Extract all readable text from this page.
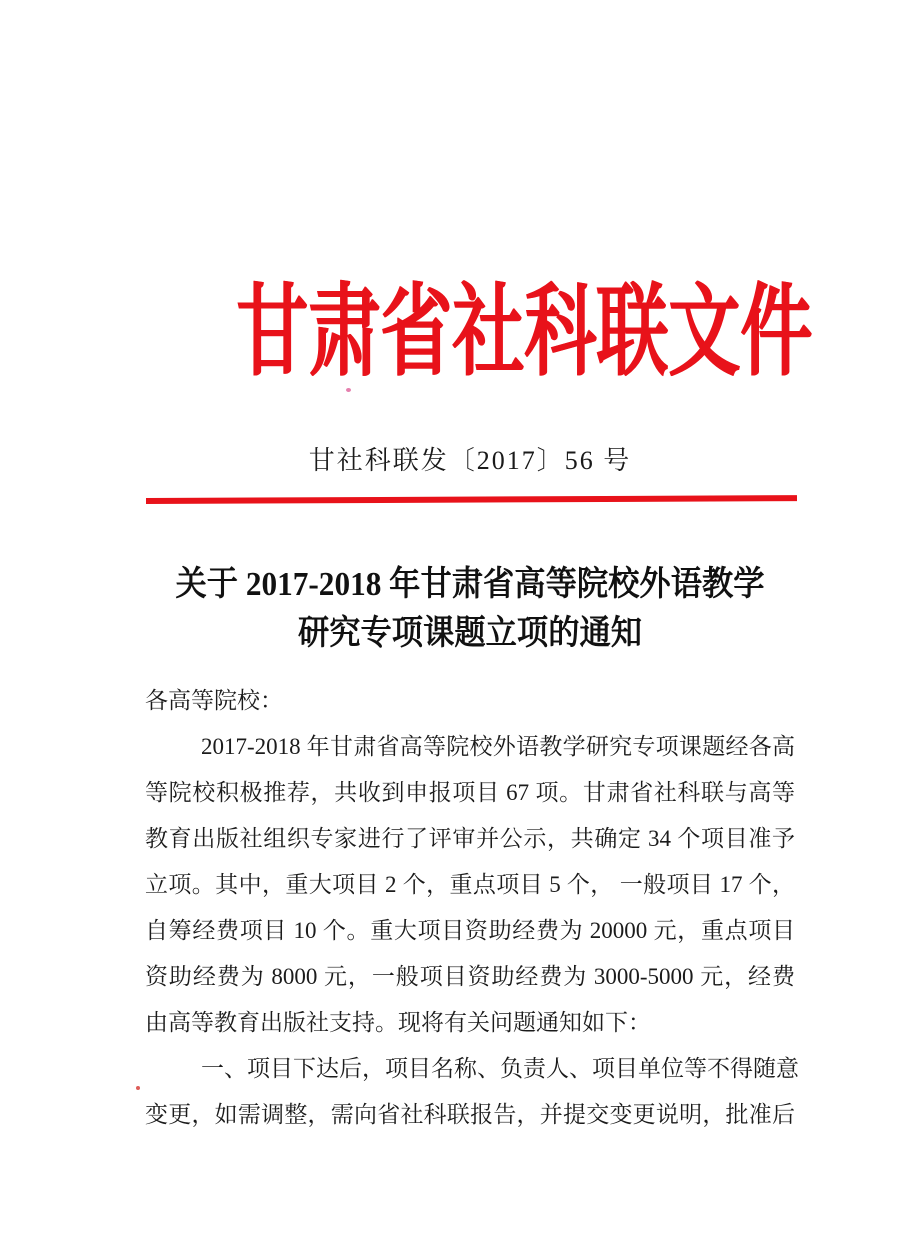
甘肃省社科联文件
甘社科联发〔2017〕56 号
关于 2017-2018 年甘肃省高等院校外语教学
研究专项课题立项的通知
各高等院校：
2017-2018 年甘肃省高等院校外语教学研究专项课题经各高
等院校积极推荐，共收到申报项目 67 项。甘肃省社科联与高等
教育出版社组织专家进行了评审并公示，共确定 34 个项目准予
立项。其中，重大项目 2 个，重点项目 5 个， 一般项目 17 个，
自筹经费项目 10 个。重大项目资助经费为 20000 元，重点项目
资助经费为 8000 元，一般项目资助经费为 3000-5000 元，经费
由高等教育出版社支持。现将有关问题通知如下：
一、项目下达后，项目名称、负责人、项目单位等不得随意
变更，如需调整，需向省社科联报告，并提交变更说明，批准后
